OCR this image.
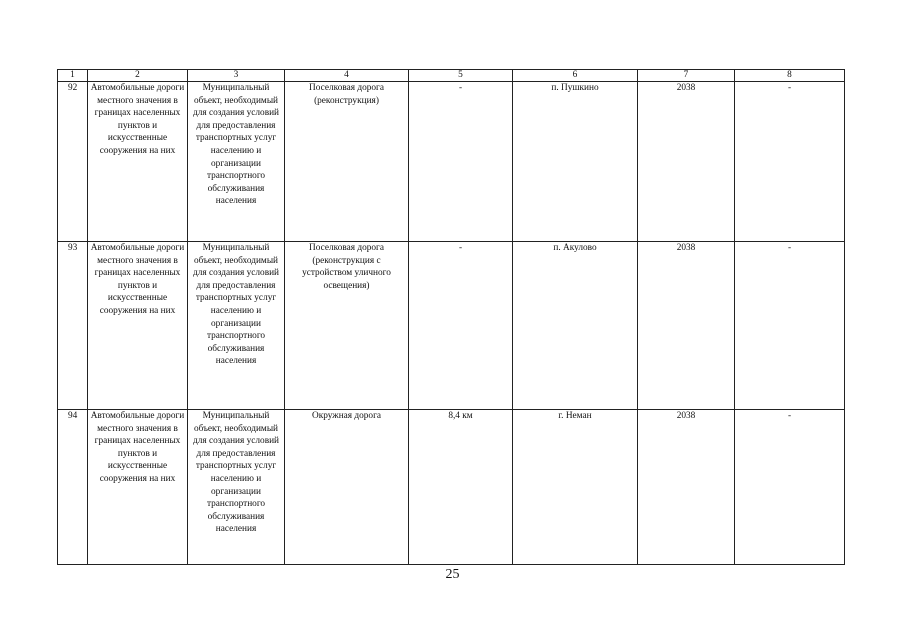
1	2	3	4	5	6	7	8
92	Автомобильные дороги местного значения в границах населенных пунктов и искусственные сооружения на них	Муниципальный объект, необходимый для создания условий для предоставления транспортных услуг населению и организации транспортного обслуживания населения	Поселковая дорога (реконструкция)	-	п. Пушкино	2038	-
93	Автомобильные дороги местного значения в границах населенных пунктов и искусственные сооружения на них	Муниципальный объект, необходимый для создания условий для предоставления транспортных услуг населению и организации транспортного обслуживания населения	Поселковая дорога (реконструкция с устройством уличного освещения)	-	п. Акулово	2038	-
94	Автомобильные дороги местного значения в границах населенных пунктов и искусственные сооружения на них	Муниципальный объект, необходимый для создания условий для предоставления транспортных услуг населению и организации транспортного обслуживания населения	Окружная дорога	8,4 км	г. Неман	2038	-
25
